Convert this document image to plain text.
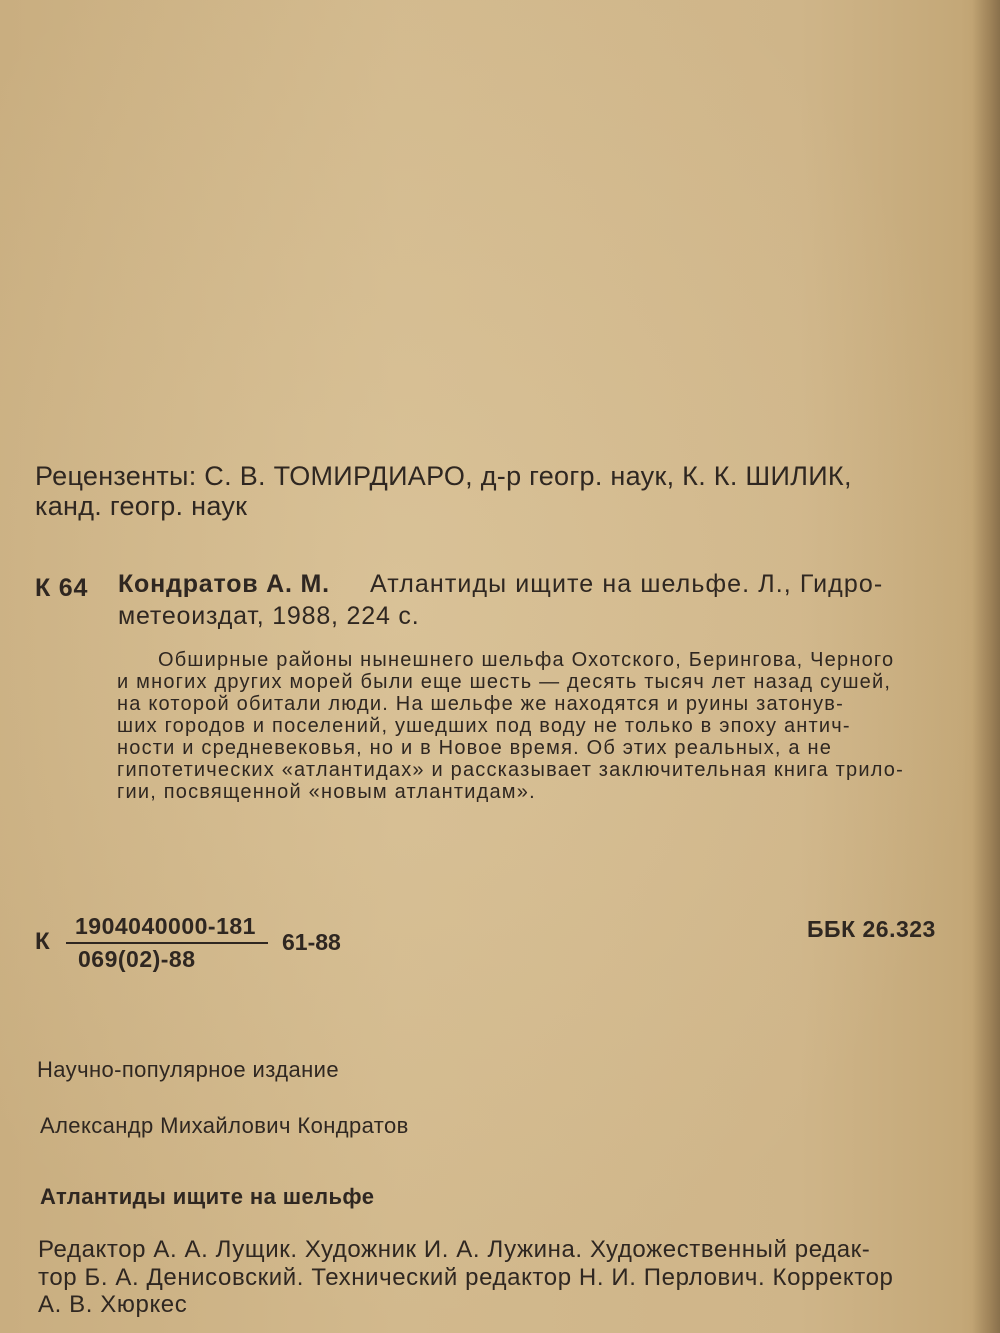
Рецензенты: С. В. ТОМИРДИАРО, д-р геогр. наук, К. К. ШИЛИК,
канд. геогр. наук
К 64 Кондратов А. М. Атлантиды ищите на шельфе. Л., Гидро-
метеоиздат, 1988, 224 с.
Обширные районы нынешнего шельфа Охотского, Берингова, Черного
и многих других морей были еще шесть — десять тысяч лет назад сушей,
на которой обитали люди. На шельфе же находятся и руины затонув-
ших городов и поселений, ушедших под воду не только в эпоху антич-
ности и средневековья, но и в Новое время. Об этих реальных, а не
гипотетических «атлантидах» и рассказывает заключительная книга трило-
гии, посвященной «новым атлантидам».
К
1904040000-181
069(02)-88
61-88	ББК 26.323
Научно-популярное издание
Александр Михайлович Кондратов
Атлантиды ищите на шельфе
Редактор А. А. Лущик. Художник И. А. Лужина. Художественный редак-
тор Б. А. Денисовский. Технический редактор Н. И. Перлович. Корректор
А. В. Хюркес
